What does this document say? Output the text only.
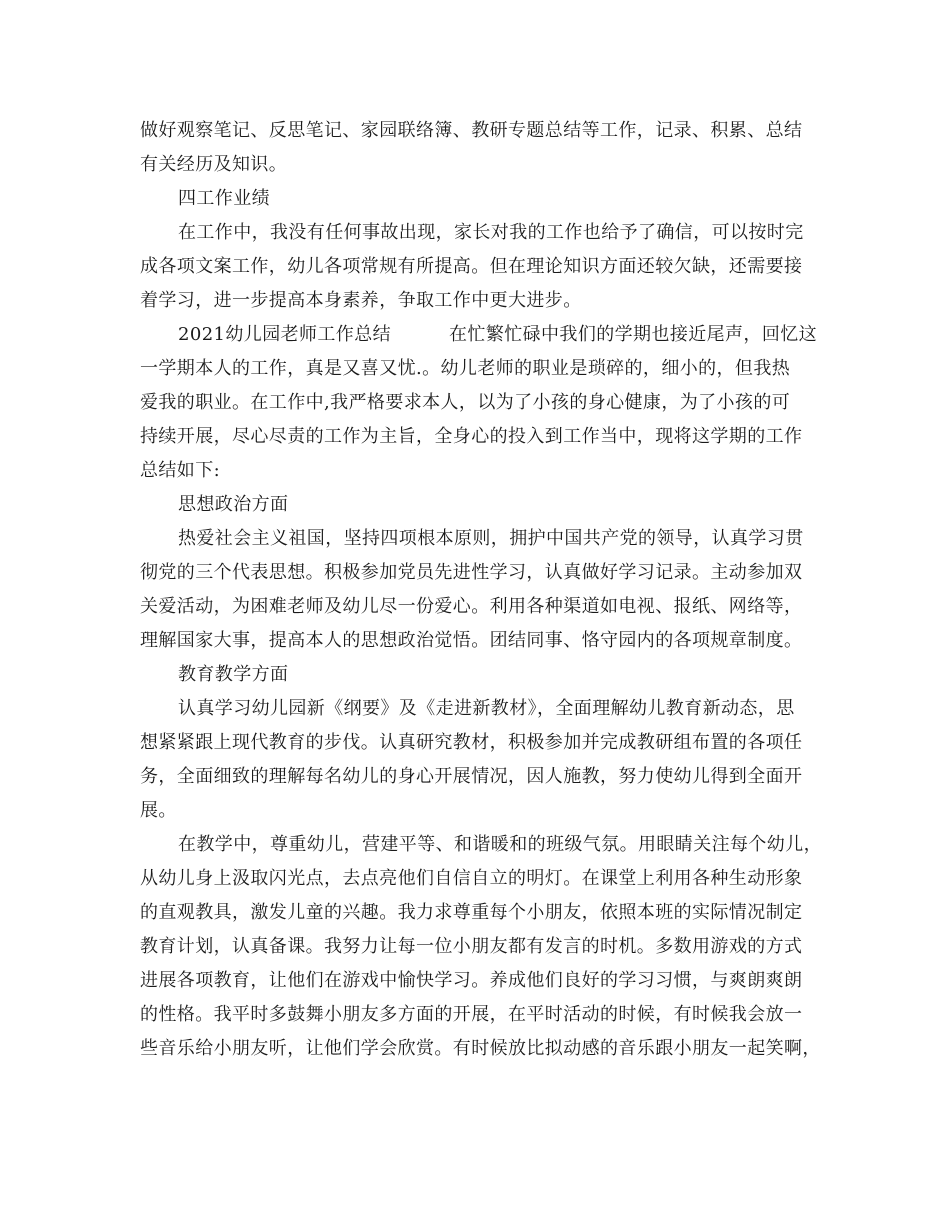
做好观察笔记、反思笔记、家园联络簿、教研专题总结等工作，记录、积累、总结
有关经历及知识。
四工作业绩
在工作中，我没有任何事故出现，家长对我的工作也给予了确信，可以按时完
成各项文案工作，幼儿各项常规有所提高。但在理论知识方面还较欠缺，还需要接
着学习，进一步提高本身素养，争取工作中更大进步。
2021幼儿园老师工作总结	在忙繁忙碌中我们的学期也接近尾声，回忆这
一学期本人的工作，真是又喜又忧.。幼儿老师的职业是琐碎的，细小的，但我热
爱我的职业。在工作中,我严格要求本人，以为了小孩的身心健康，为了小孩的可
持续开展，尽心尽责的工作为主旨，全身心的投入到工作当中，现将这学期的工作
总结如下:
思想政治方面
热爱社会主义祖国，坚持四项根本原则，拥护中国共产党的领导，认真学习贯
彻党的三个代表思想。积极参加党员先进性学习，认真做好学习记录。主动参加双
关爱活动，为困难老师及幼儿尽一份爱心。利用各种渠道如电视、报纸、网络等，
理解国家大事，提高本人的思想政治觉悟。团结同事、恪守园内的各项规章制度。
教育教学方面
认真学习幼儿园新《纲要》及《走进新教材》，全面理解幼儿教育新动态，思
想紧紧跟上现代教育的步伐。认真研究教材，积极参加并完成教研组布置的各项任
务，全面细致的理解每名幼儿的身心开展情况，因人施教，努力使幼儿得到全面开
展。
在教学中，尊重幼儿，营建平等、和谐暖和的班级气氛。用眼睛关注每个幼儿，
从幼儿身上汲取闪光点，去点亮他们自信自立的明灯。在课堂上利用各种生动形象
的直观教具，激发儿童的兴趣。我力求尊重每个小朋友，依照本班的实际情况制定
教育计划，认真备课。我努力让每一位小朋友都有发言的时机。多数用游戏的方式
进展各项教育，让他们在游戏中愉快学习。养成他们良好的学习习惯，与爽朗爽朗
的性格。我平时多鼓舞小朋友多方面的开展，在平时活动的时候，有时候我会放一
些音乐给小朋友听，让他们学会欣赏。有时候放比拟动感的音乐跟小朋友一起笑啊，
